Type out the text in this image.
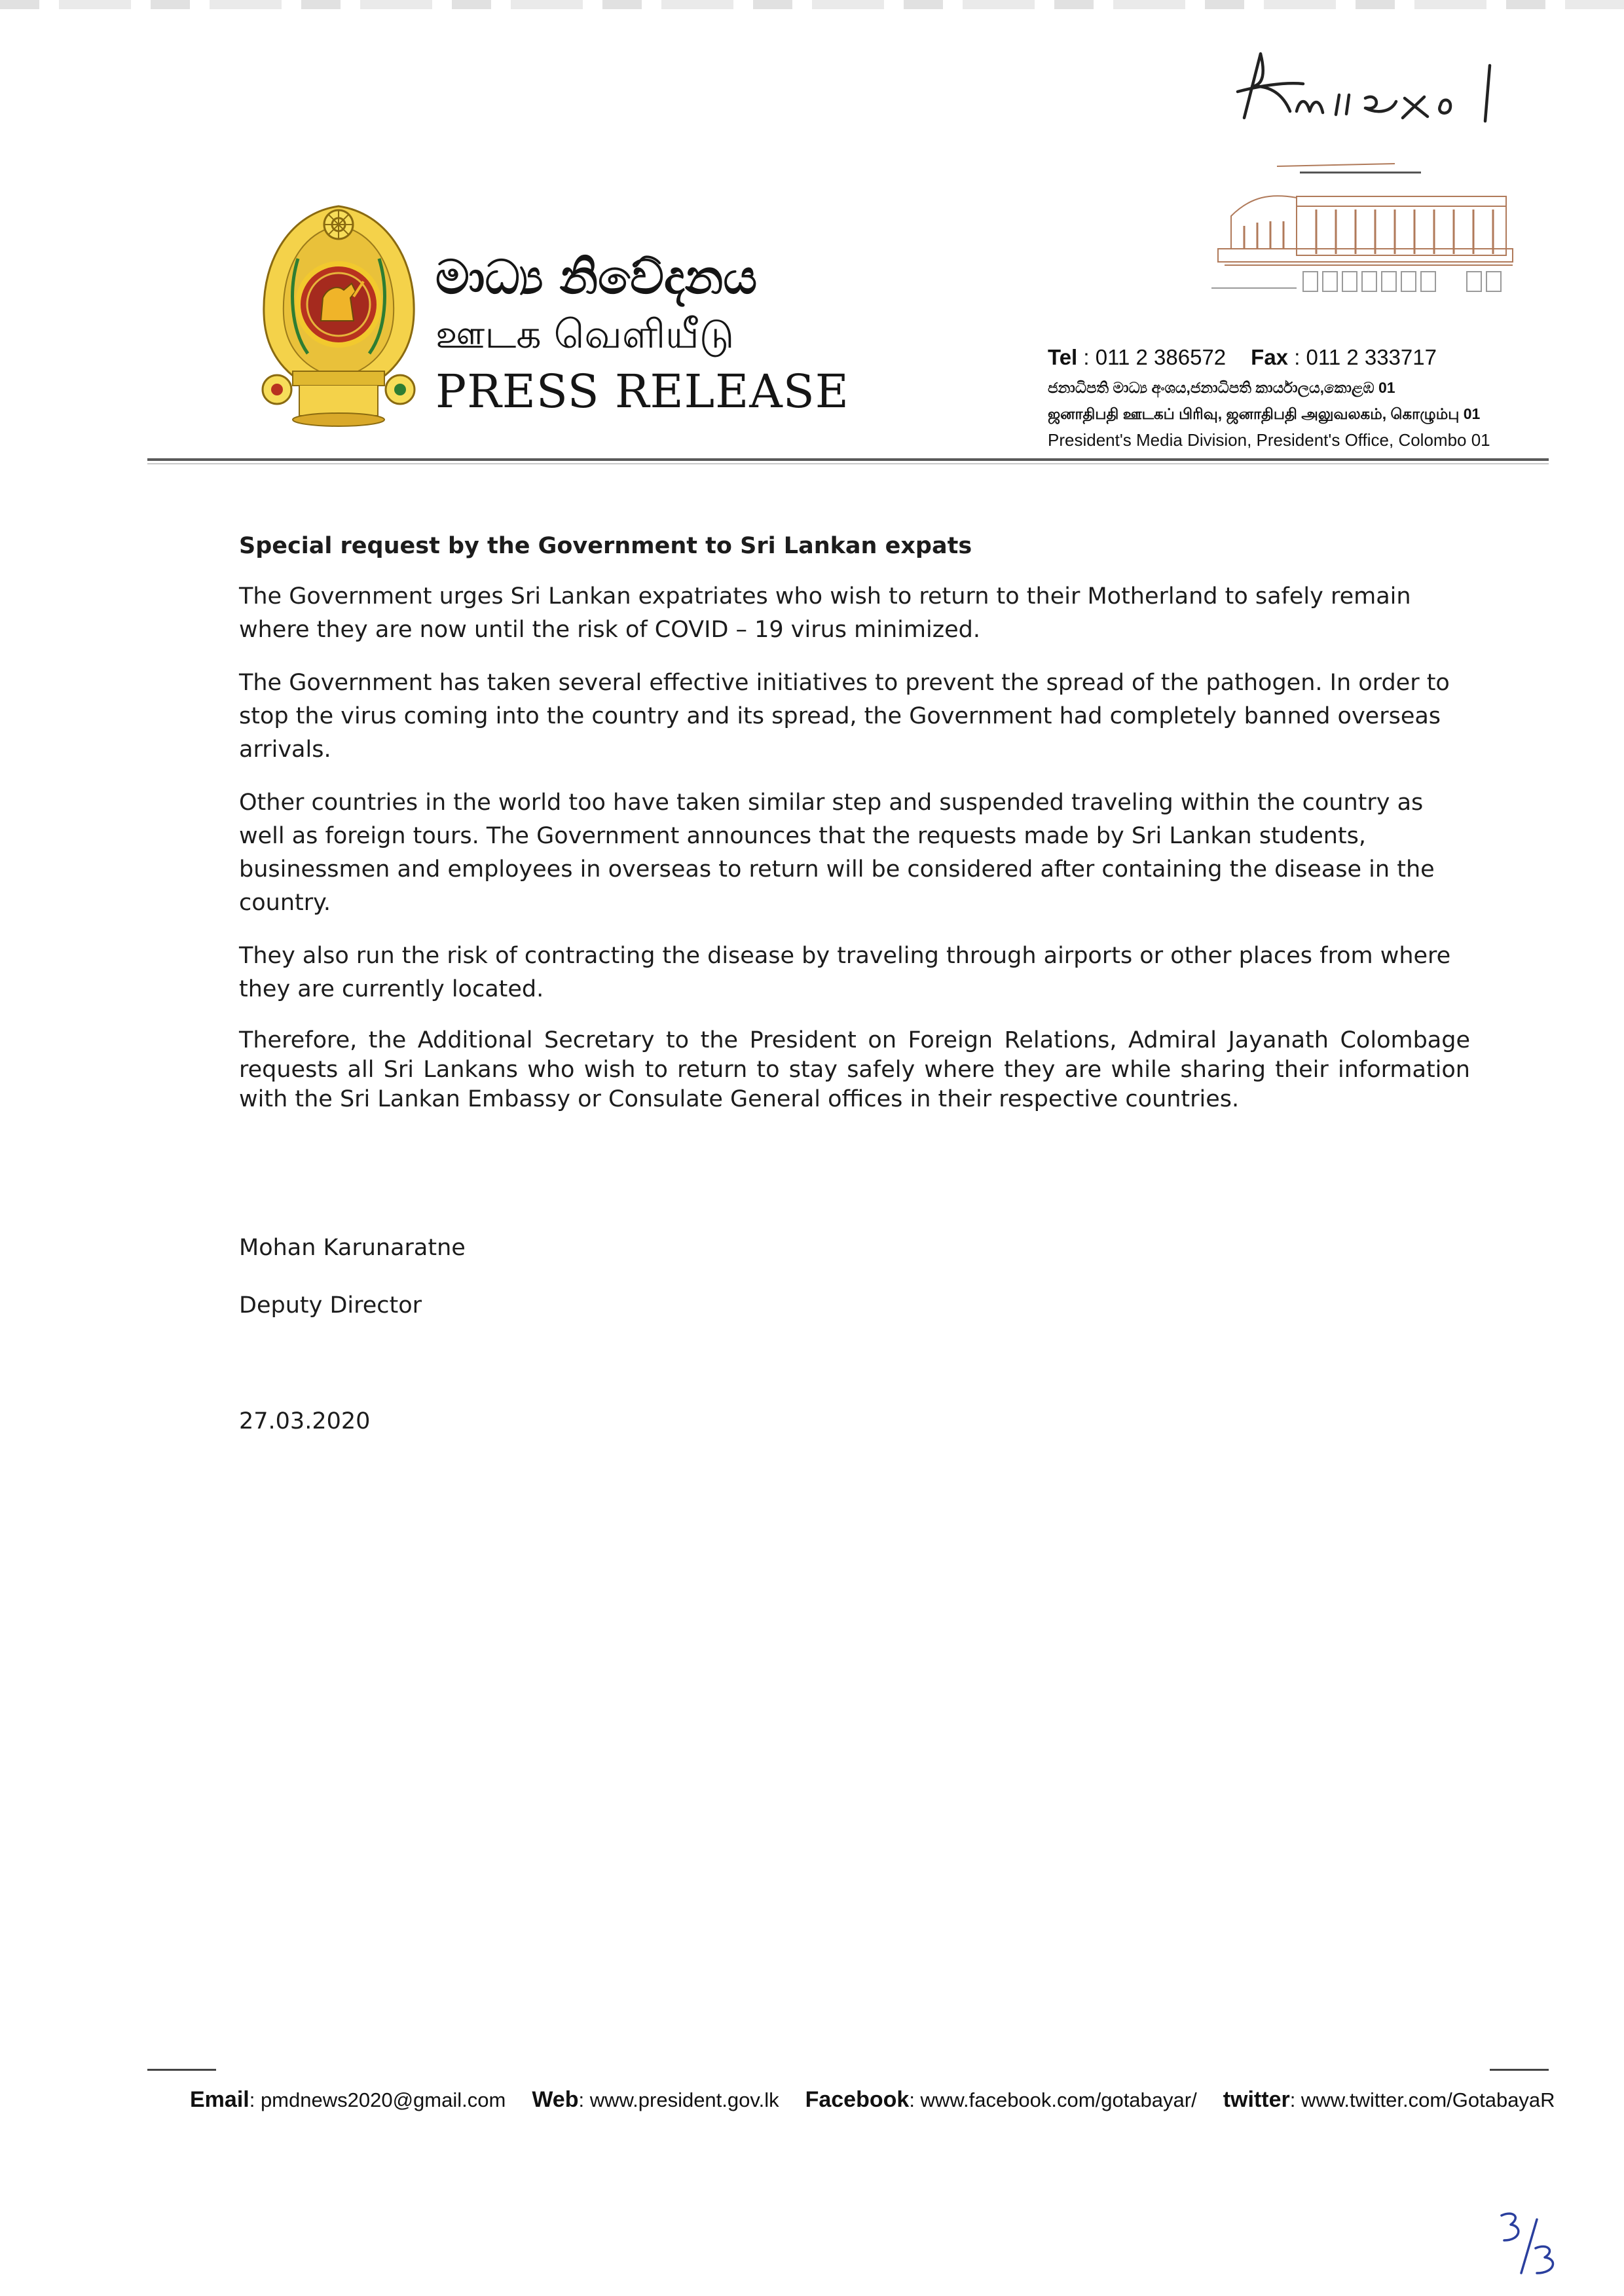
මාධ්‍ය නිවේදනය
ஊடக வெளியீடு
PRESS RELEASE
Tel : 011 2 386572 Fax : 011 2 333717
ජනාධිපති මාධ්‍ය අංශය,ජනාධිපති කාර්යාලය,කොළඹ 01
ஜனாதிபதி ஊடகப் பிரிவு, ஜனாதிபதி அலுவலகம், கொழும்பு 01
President's Media Division, President's Office, Colombo 01
Special request by the Government to Sri Lankan expats

The Government urges Sri Lankan expatriates who wish to return to their Motherland to safely remain where they are now until the risk of COVID – 19 virus minimized.

The Government has taken several effective initiatives to prevent the spread of the pathogen. In order to stop the virus coming into the country and its spread, the Government had completely banned overseas arrivals.

Other countries in the world too have taken similar step and suspended traveling within the country as well as foreign tours. The Government announces that the requests made by Sri Lankan students, businessmen and employees in overseas to return will be considered after containing the disease in the country.

They also run the risk of contracting the disease by traveling through airports or other places from where they are currently located.

Therefore, the Additional Secretary to the President on Foreign Relations, Admiral Jayanath Colombage requests all Sri Lankans who wish to return to stay safely where they are while sharing their information with the Sri Lankan Embassy or Consulate General offices in their respective countries.

Mohan Karunaratne
Deputy Director
27.03.2020
Email: pmdnews2020@gmail.com Web: www.president.gov.lk Facebook: www.facebook.com/gotabayar/ twitter: www.twitter.com/GotabayaR
